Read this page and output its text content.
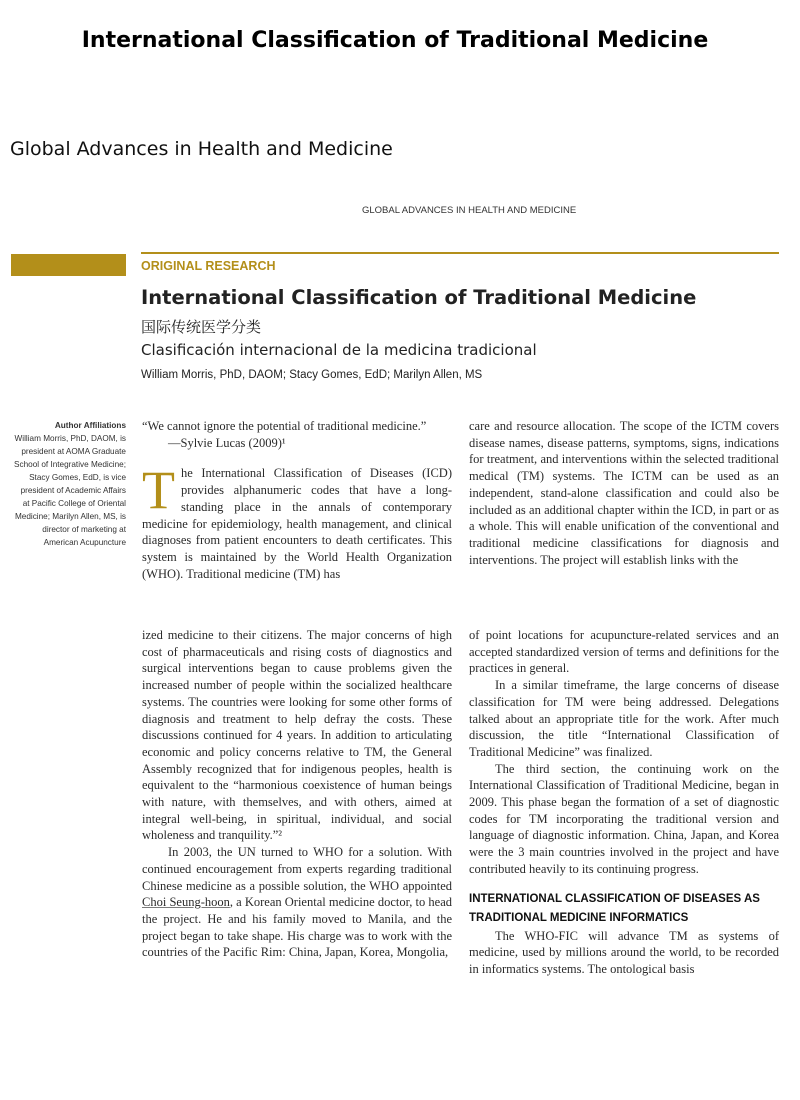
International Classification of Traditional Medicine
Global Advances in Health and Medicine
GLOBAL ADVANCES IN HEALTH AND MEDICINE
ORIGINAL RESEARCH
International Classification of Traditional Medicine
国际传统医学分类
Clasificación internacional de la medicina tradicional
William Morris, PhD, DAOM; Stacy Gomes, EdD; Marilyn Allen, MS
Author Affiliations
William Morris, PhD, DAOM, is president at AOMA Graduate School of Integrative Medicine; Stacy Gomes, EdD, is vice president of Academic Affairs at Pacific College of Oriental Medicine; Marilyn Allen, MS, is director of marketing at American Acupuncture

“We cannot ignore the potential of traditional medicine.”

—Sylvie Lucas (2009)¹

The International Classification of Diseases (ICD) provides alphanumeric codes that have a long-standing place in the annals of contemporary medicine for epidemiology, health management, and clinical diagnoses from patient encounters to death certificates. This system is maintained by the World Health Organization (WHO). Traditional medicine (TM) has

care and resource allocation. The scope of the ICTM covers disease names, disease patterns, symptoms, signs, indications for treatment, and interventions within the selected traditional medical (TM) systems. The ICTM can be used as an independent, stand-alone classification and could also be included as an additional chapter within the ICD, in part or as a whole. This will enable unification of the conventional and traditional medicine classifications for diagnosis and interventions. The project will establish links with the

ized medicine to their citizens. The major concerns of high cost of pharmaceuticals and rising costs of diagnostics and surgical interventions began to cause problems given the increased number of people within the socialized healthcare systems. The countries were looking for some other forms of diagnosis and treatment to help defray the costs. These discussions continued for 4 years. In addition to articulating economic and policy concerns relative to TM, the General Assembly recognized that for indigenous peoples, health is equivalent to the “harmonious coexistence of human beings with nature, with themselves, and with others, aimed at integral well-being, in spiritual, individual, and social wholeness and tranquility.”²

In 2003, the UN turned to WHO for a solution. With continued encouragement from experts regarding traditional Chinese medicine as a possible solution, the WHO appointed Choi Seung-hoon, a Korean Oriental medicine doctor, to head the project. He and his family moved to Manila, and the project began to take shape. His charge was to work with the countries of the Pacific Rim: China, Japan, Korea, Mongolia,

of point locations for acupuncture-related services and an accepted standardized version of terms and definitions for the practices in general.

In a similar timeframe, the large concerns of disease classification for TM were being addressed. Delegations talked about an appropriate title for the work. After much discussion, the title “International Classification of Traditional Medicine” was finalized.

The third section, the continuing work on the International Classification of Traditional Medicine, began in 2009. This phase began the formation of a set of diagnostic codes for TM incorporating the traditional version and language of diagnostic information. China, Japan, and Korea were the 3 main countries involved in the project and have contributed heavily to its continuing progress.

INTERNATIONAL CLASSIFICATION OF DISEASES AS TRADITIONAL MEDICINE INFORMATICS

The WHO-FIC will advance TM as systems of medicine, used by millions around the world, to be recorded in informatics systems. The ontological basis
